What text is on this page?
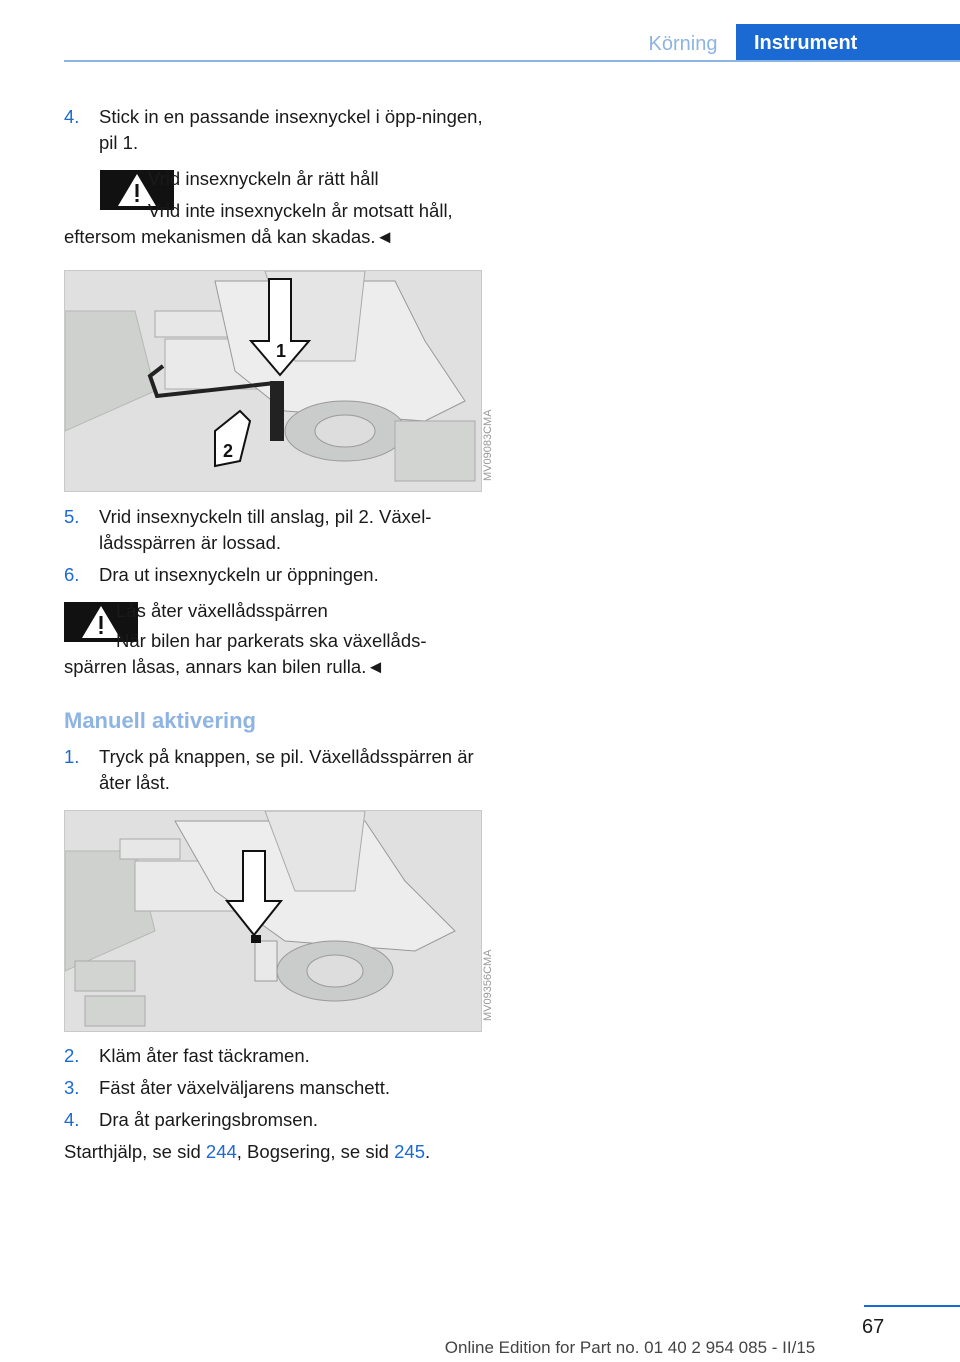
Körning	Instrument
4.	Stick in en passande insexnyckel i öpp-ningen, pil 1.
Vrid insexnyckeln år rätt håll
Vrid inte insexnyckeln år motsatt håll,
eftersom mekanismen då kan skadas.◄
1
2	MV09083CMA
5.	Vrid insexnyckeln till anslag, pil 2. Växel-lådsspärren är lossad.
6.	Dra ut insexnyckeln ur öppningen.
Lås åter växellådsspärren
När bilen har parkerats ska växellåds-
spärren låsas, annars kan bilen rulla.◄
Manuell aktivering
1.	Tryck på knappen, se pil. Växellådsspärren är åter låst.
MV09356CMA
2.	Kläm åter fast täckramen.
3.	Fäst åter växelväljarens manschett.
4.	Dra åt parkeringsbromsen.
Starthjälp, se sid 244, Bogsering, se sid 245.
67
Online Edition for Part no. 01 40 2 954 085 - II/15
